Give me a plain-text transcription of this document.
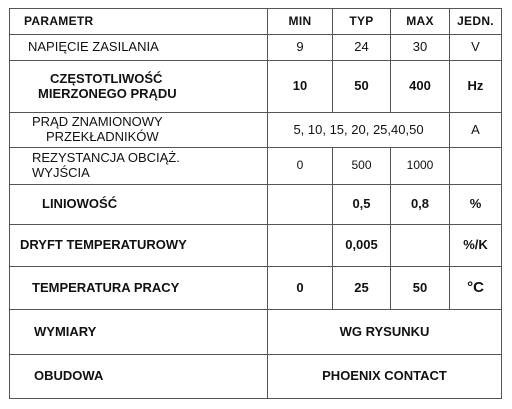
PARAMETR	MIN	TYP	MAX	JEDN.
NAPIĘCIE ZASILANIA	9	24	30	V

CZĘSTOTLIWOŚĆ
MIERZONEGO PRĄDU	10	50	400	Hz

PRĄD ZNAMIONOWY
PRZEKŁADNIKÓW	5, 10, 15, 20, 25,40,50			A

REZYSTANCJA OBCIĄŻ.
WYJŚCIA	0	500	1000	
LINIOWOŚĆ		0,5	0,8	%
DRYFT TEMPERATUROWY		0,005		%/K
TEMPERATURA PRACY	0	25	50	°C
WYMIARY	WG RYSUNKU			
OBUDOWA	PHOENIX CONTACT			
